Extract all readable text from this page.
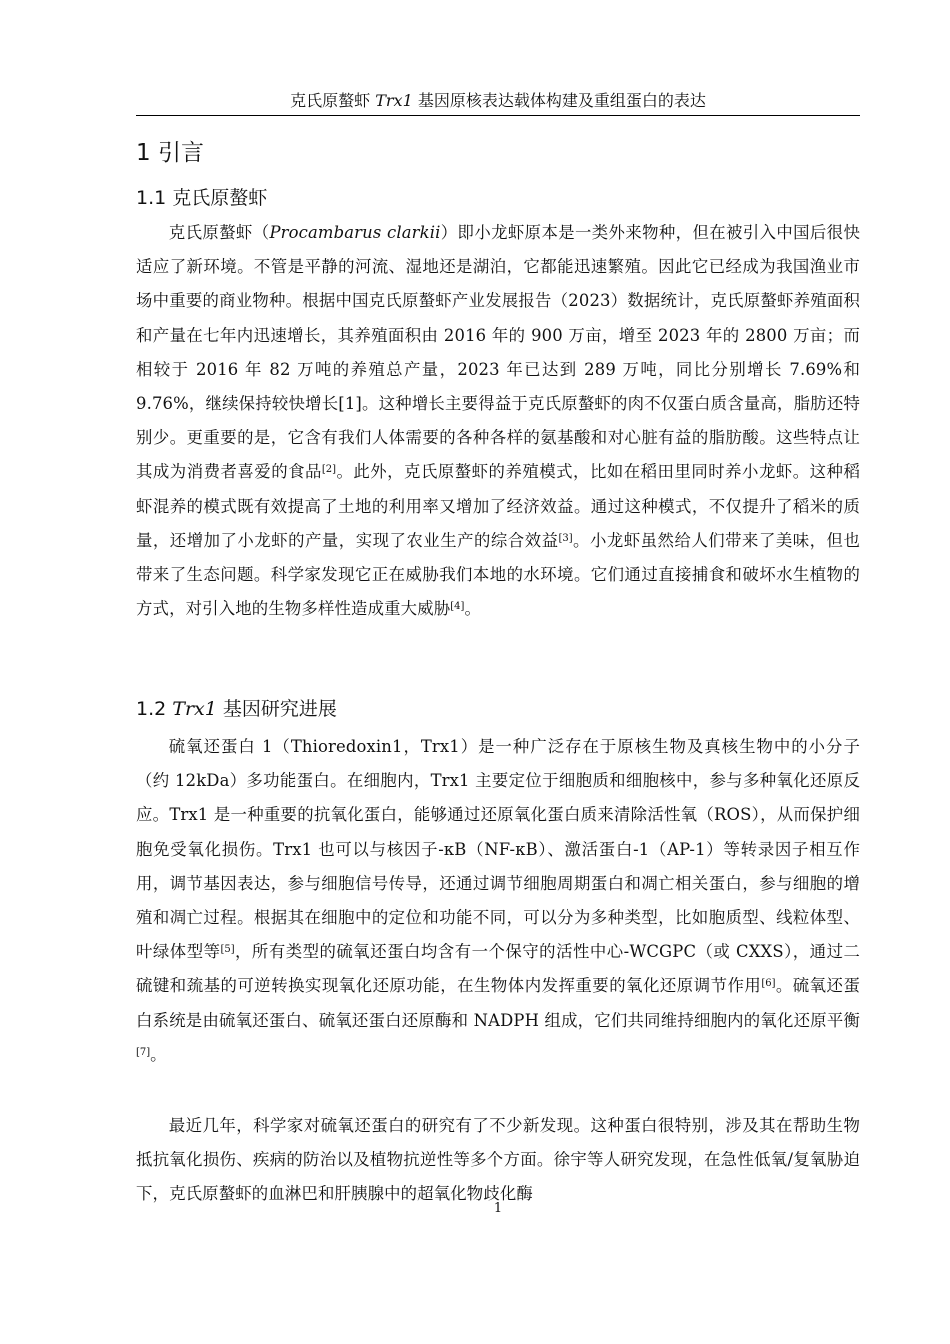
克氏原螯虾 Trx1 基因原核表达载体构建及重组蛋白的表达
1 引言
1.1 克氏原螯虾

克氏原螯虾（Procambarus clarkii）即小龙虾原本是一类外来物种，但在被引入中国后很快适应了新环境。不管是平静的河流、湿地还是湖泊，它都能迅速繁殖。因此它已经成为我国渔业市场中重要的商业物种。根据中国克氏原螯虾产业发展报告（2023）数据统计，克氏原螯虾养殖面积和产量在七年内迅速增长，其养殖面积由 2016 年的 900 万亩，增至 2023 年的 2800 万亩；而相较于 2016 年 82 万吨的养殖总产量，2023 年已达到 289 万吨，同比分别增长 7.69%和 9.76%，继续保持较快增长[1]。这种增长主要得益于克氏原螯虾的肉不仅蛋白质含量高，脂肪还特别少。更重要的是，它含有我们人体需要的各种各样的氨基酸和对心脏有益的脂肪酸。这些特点让其成为消费者喜爱的食品[2]。此外，克氏原螯虾的养殖模式，比如在稻田里同时养小龙虾。这种稻虾混养的模式既有效提高了土地的利用率又增加了经济效益。通过这种模式，不仅提升了稻米的质量，还增加了小龙虾的产量，实现了农业生产的综合效益[3]。小龙虾虽然给人们带来了美味，但也带来了生态问题。科学家发现它正在威胁我们本地的水环境。它们通过直接捕食和破坏水生植物的方式，对引入地的生物多样性造成重大威胁[4]。

1.2 Trx1 基因研究进展

硫氧还蛋白 1（Thioredoxin1，Trx1）是一种广泛存在于原核生物及真核生物中的小分子（约 12kDa）多功能蛋白。在细胞内，Trx1 主要定位于细胞质和细胞核中，参与多种氧化还原反应。Trx1 是一种重要的抗氧化蛋白，能够通过还原氧化蛋白质来清除活性氧（ROS），从而保护细胞免受氧化损伤。Trx1 也可以与核因子-κB（NF-κB）、激活蛋白-1（AP-1）等转录因子相互作用，调节基因表达，参与细胞信号传导，还通过调节细胞周期蛋白和凋亡相关蛋白，参与细胞的增殖和凋亡过程。根据其在细胞中的定位和功能不同，可以分为多种类型，比如胞质型、线粒体型、叶绿体型等[5]，所有类型的硫氧还蛋白均含有一个保守的活性中心-WCGPC（或 CXXS），通过二硫键和巯基的可逆转换实现氧化还原功能，在生物体内发挥重要的氧化还原调节作用[6]。硫氧还蛋白系统是由硫氧还蛋白、硫氧还蛋白还原酶和 NADPH 组成，它们共同维持细胞内的氧化还原平衡[7]。

最近几年，科学家对硫氧还蛋白的研究有了不少新发现。这种蛋白很特别，涉及其在帮助生物抵抗氧化损伤、疾病的防治以及植物抗逆性等多个方面。徐宇等人研究发现，在急性低氧/复氧胁迫下，克氏原螯虾的血淋巴和肝胰腺中的超氧化物歧化酶

1
